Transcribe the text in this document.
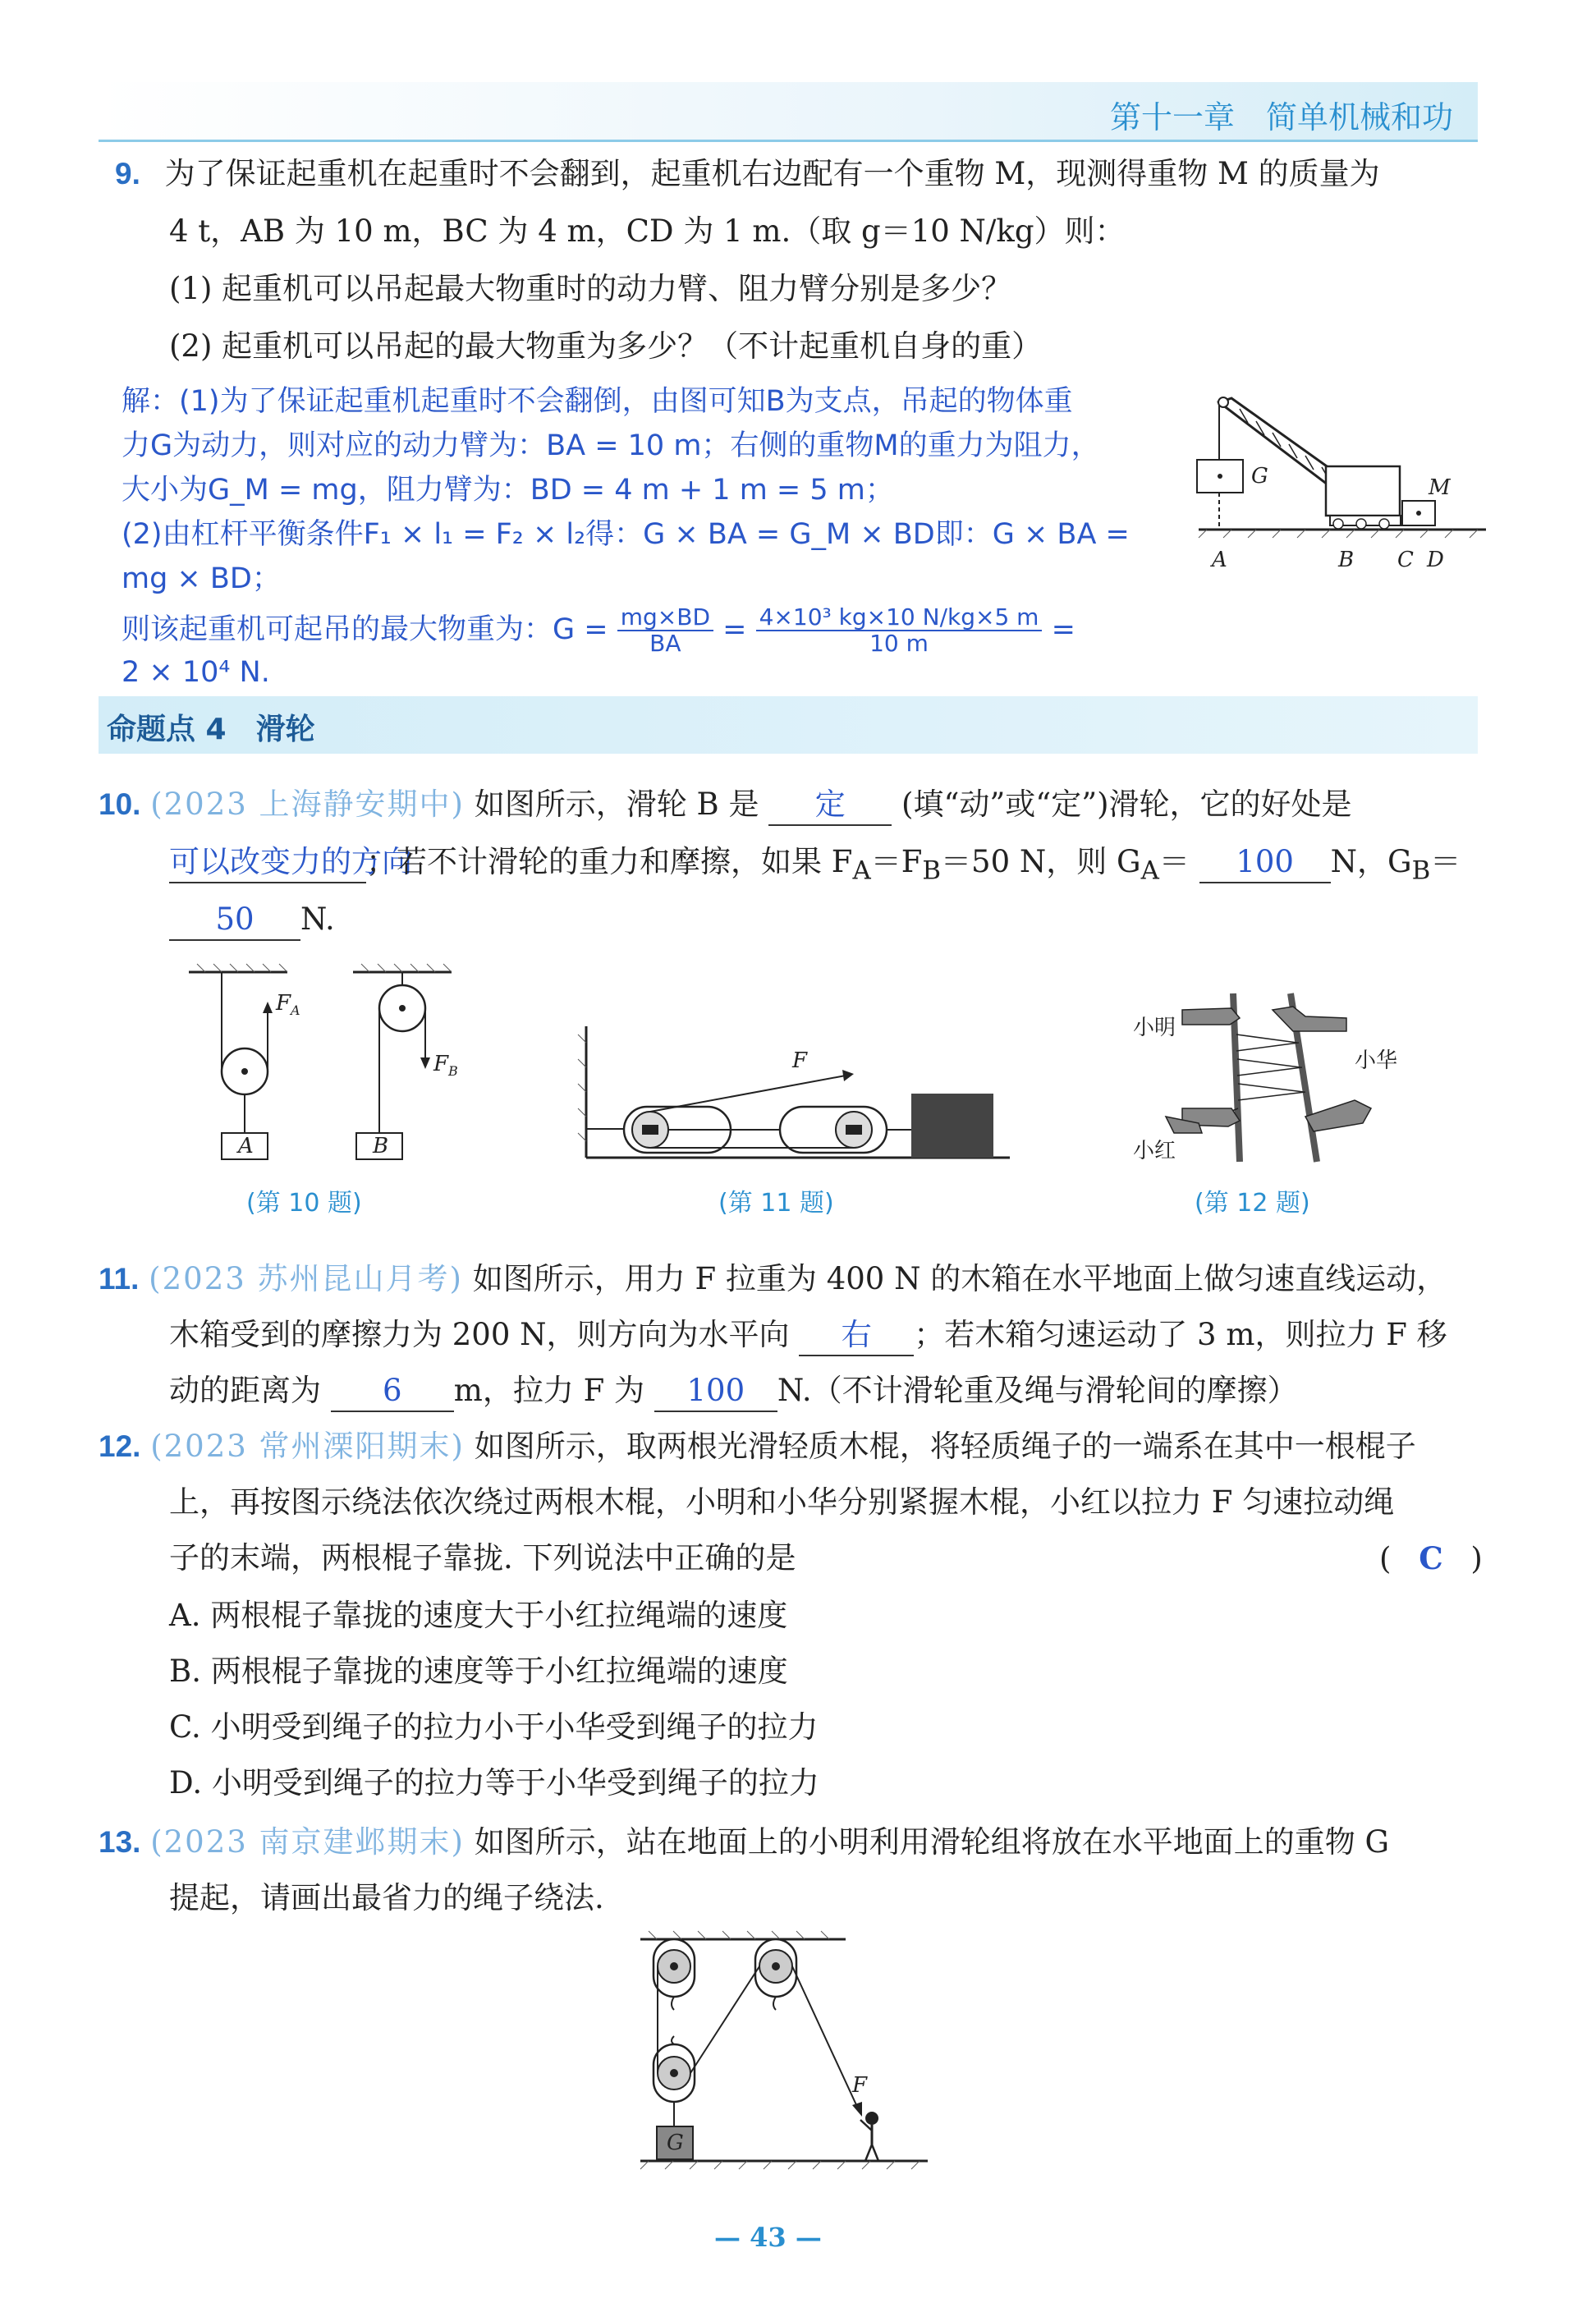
第十一章　简单机械和功
9. 为了保证起重机在起重时不会翻到，起重机右边配有一个重物 M，现测得重物 M 的质量为
4 t，AB 为 10 m，BC 为 4 m，CD 为 1 m.（取 g＝10 N/kg）则：
(1) 起重机可以吊起最大物重时的动力臂、阻力臂分别是多少？
(2) 起重机可以吊起的最大物重为多少？（不计起重机自身的重）
解：(1)为了保证起重机起重时不会翻倒，由图可知B为支点，吊起的物体重
力G为动力，则对应的动力臂为：BA = 10 m；右侧的重物M的重力为阻力，
大小为G_M = mg，阻力臂为：BD = 4 m + 1 m = 5 m；
(2)由杠杆平衡条件F₁ × l₁ = F₂ × l₂得：G × BA = G_M × BD即：G × BA =
mg × BD；
则该起重机可起吊的最大物重为：$G = \frac{mg\times BD}{BA} = \frac{\text{4×10³ kg×10 N/kg×5 m}}{10 m}$ =
2 × 10⁴ N.
G	M
A	B C D
命题点 4　滑轮
10. (2023 上海静安期中) 如图所示，滑轮 B 是 定 (填“动”或“定”)滑轮，它的好处是
可以改变力的方向；若不计滑轮的重力和摩擦，如果 $F_A=F_B=50$ N，则 $G_A= 100$ N，$G_B=$
50 N.
A
$F_A$
$F_B$
B
(第 10 题)
F
(第 11 题)
小明
小华
小红
(第 12 题)
11. (2023 苏州昆山月考) 如图所示，用力 F 拉重为 400 N 的木箱在水平地面上做匀速直线运动，
木箱受到的摩擦力为 200 N，则方向为水平向 右 ；若木箱匀速运动了 3 m，则拉力 F 移
动的距离为 6 m，拉力 F 为 100 N.（不计滑轮重及绳与滑轮间的摩擦）
12. (2023 常州溧阳期末) 如图所示，取两根光滑轻质木棍，将轻质绳子的一端系在其中一根棍子
上，再按图示绕法依次绕过两根木棍，小明和小华分别紧握木棍，小红以拉力 F 匀速拉动绳
子的末端，两根棍子靠拢. 下列说法中正确的是	( C )
A. 两根棍子靠拢的速度大于小红拉绳端的速度
B. 两根棍子靠拢的速度等于小红拉绳端的速度
C. 小明受到绳子的拉力小于小华受到绳子的拉力
D. 小明受到绳子的拉力等于小华受到绳子的拉力
13. (2023 南京建邺期末) 如图所示，站在地面上的小明利用滑轮组将放在水平地面上的重物 G
提起，请画出最省力的绳子绕法.
F
G
— 43 —
